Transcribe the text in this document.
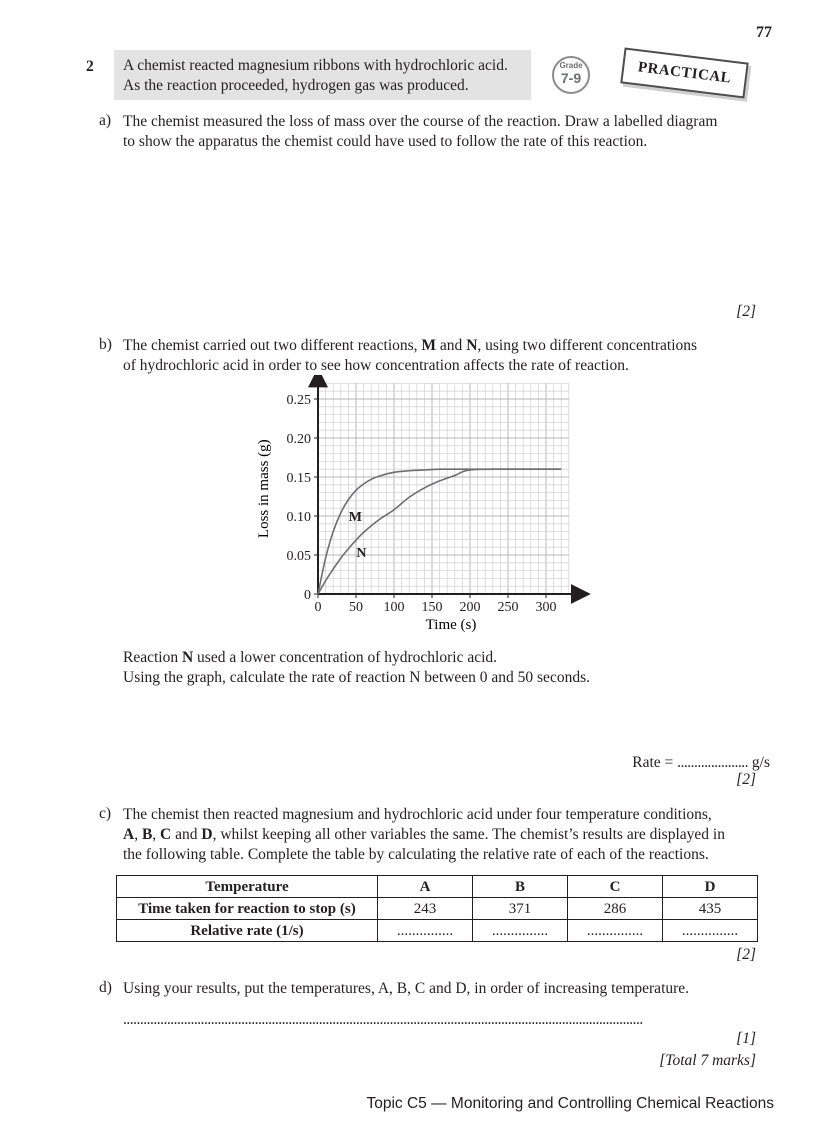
77
2 A chemist reacted magnesium ribbons with hydrochloric acid.
As the reaction proceeded, hydrogen gas was produced.
Grade
7-9	PRACTICAL
a) The chemist measured the loss of mass over the course of the reaction. Draw a labelled diagram
to show the apparatus the chemist could have used to follow the rate of this reaction.
[2]
b) The chemist carried out two different reactions, M and N, using two different concentrations
of hydrochloric acid in order to see how concentration affects the rate of reaction.
0 50 100 150 200 250 300
0
0.05
0.10
0.15
0.20
0.25
M
N
Loss in mass (g)
Time (s)
Reaction N used a lower concentration of hydrochloric acid.
Using the graph, calculate the rate of reaction N between 0 and 50 seconds.
Rate = ..................... g/s
[2]
c) The chemist then reacted magnesium and hydrochloric acid under four temperature conditions,
A, B, C and D, whilst keeping all other variables the same. The chemist’s results are displayed in
the following table. Complete the table by calculating the relative rate of each of the reactions.
Temperature	A	B	C	D
Time taken for reaction to stop (s)	243	371	286	435
Relative rate (1/s)	...............	...............	...............	...............
[2]
d) Using your results, put the temperatures, A, B, C and D, in order of increasing temperature.
..........................................................................................................................................................
[1]
[Total 7 marks]
Topic C5 — Monitoring and Controlling Chemical Reactions
